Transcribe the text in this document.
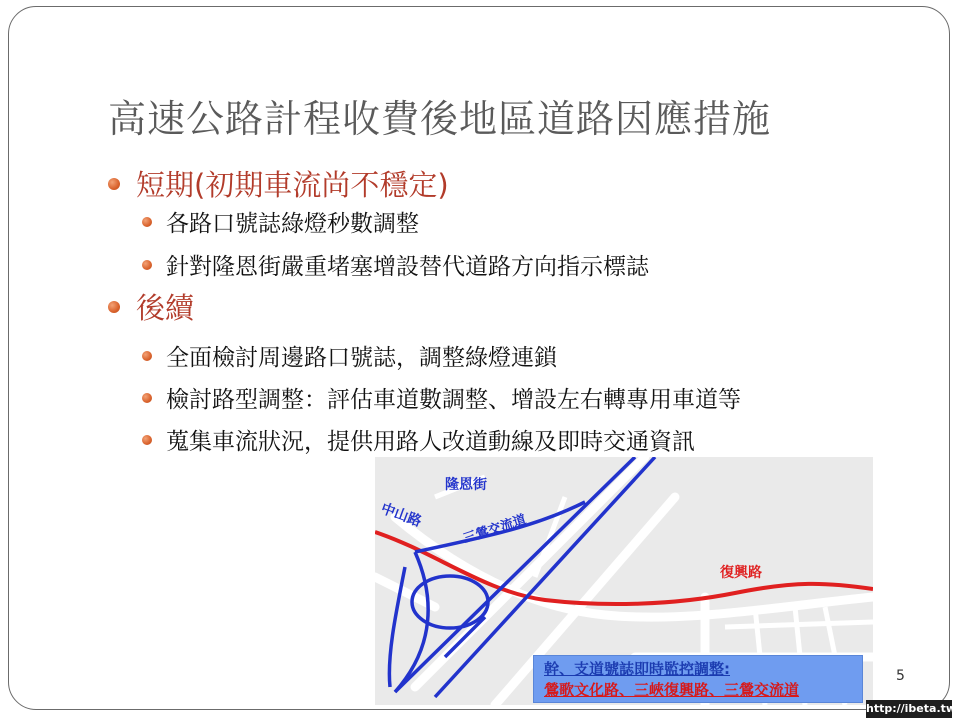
高速公路計程收費後地區道路因應措施
短期(初期車流尚不穩定)
各路口號誌綠燈秒數調整
針對隆恩街嚴重堵塞增設替代道路方向指示標誌
後續
全面檢討周邊路口號誌，調整綠燈連鎖
檢討路型調整：評估車道數調整、增設左右轉專用車道等
蒐集車流狀況，提供用路人改道動線及即時交通資訊
隆恩街
三鶯交流道
復興路
中山路
幹、支道號誌即時監控調整:
鶯歌文化路、三峽復興路、三鶯交流道
5
http://ibeta.tw
